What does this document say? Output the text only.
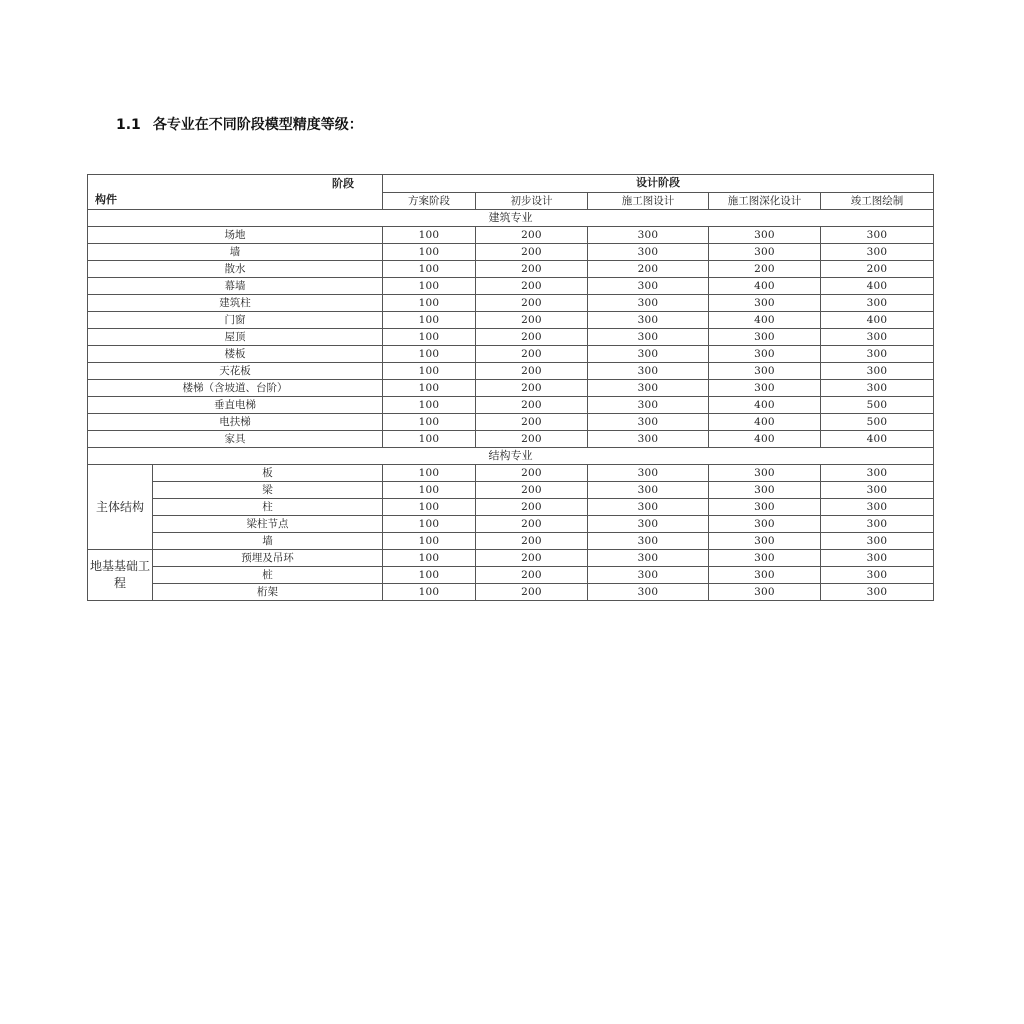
1.1 各专业在不同阶段模型精度等级：
阶段
构件		设计阶段				
		方案阶段	初步设计	施工图设计	施工图深化设计	竣工图绘制
建筑专业						
场地		100	200	300	300	300
墙		100	200	300	300	300
散水		100	200	200	200	200
幕墙		100	200	300	400	400
建筑柱		100	200	300	300	300
门窗		100	200	300	400	400
屋顶		100	200	300	300	300
楼板		100	200	300	300	300
天花板		100	200	300	300	300
楼梯（含坡道、台阶）		100	200	300	300	300
垂直电梯		100	200	300	400	500
电扶梯		100	200	300	400	500
家具		100	200	300	400	400
结构专业						
主体结构	板	100	200	300	300	300
	梁	100	200	300	300	300
	柱	100	200	300	300	300
	梁柱节点	100	200	300	300	300
	墙	100	200	300	300	300
地基基础工程	预埋及吊环	100	200	300	300	300
	桩	100	200	300	300	300
	桁架	100	200	300	300	300
